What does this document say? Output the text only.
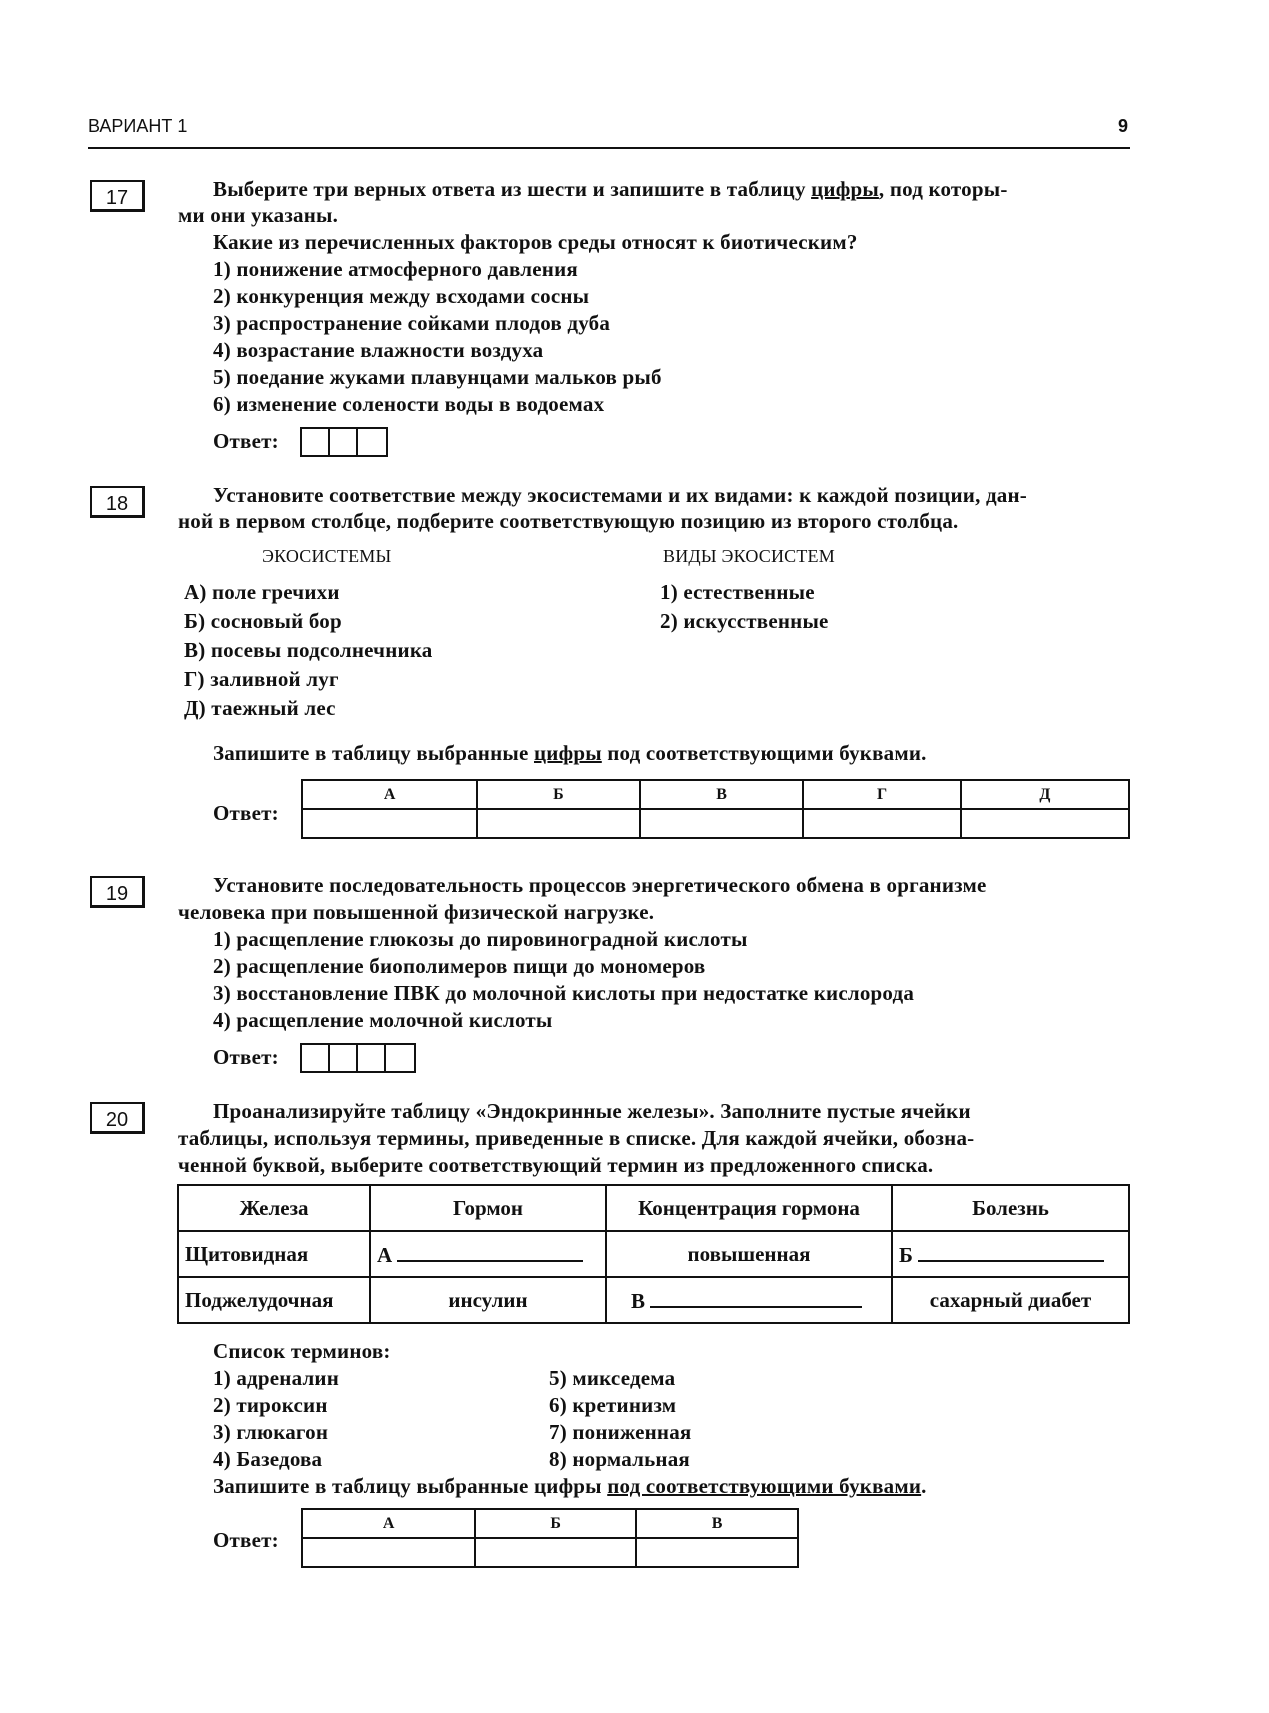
ВАРИАНТ 1	9
17	Выберите три верных ответа из шести и запишите в таблицу цифры, под которы-
ми они указаны.
Какие из перечисленных факторов среды относят к биотическим?
1) понижение атмосферного давления
2) конкуренция между всходами сосны
3) распространение сойками плодов дуба
4) возрастание влажности воздуха
5) поедание жуками плавунцами мальков рыб
6) изменение солености воды в водоемах
Ответ:
18	Установите соответствие между экосистемами и их видами: к каждой позиции, дан-
ной в первом столбце, подберите соответствующую позицию из второго столбца.
ЭКОСИСТЕМЫ	ВИДЫ ЭКОСИСТЕМ
А) поле гречихи
Б) сосновый бор
В) посевы подсолнечника
Г) заливной луг
Д) таежный лес
1) естественные
2) искусственные
Запишите в таблицу выбранные цифры под соответствующими буквами.
Ответ:
А	Б	В	Г	Д

19	Установите последовательность процессов энергетического обмена в организме
человека при повышенной физической нагрузке.
1) расщепление глюкозы до пировиноградной кислоты
2) расщепление биополимеров пищи до мономеров
3) восстановление ПВК до молочной кислоты при недостатке кислорода
4) расщепление молочной кислоты
Ответ:
20	Проанализируйте таблицу «Эндокринные железы». Заполните пустые ячейки
таблицы, используя термины, приведенные в списке. Для каждой ячейки, обозна-
ченной буквой, выберите соответствующий термин из предложенного списка.
Железа	Гормон	Концентрация гормона	Болезнь
Щитовидная	А	повышенная	Б
Поджелудочная	инсулин	В	сахарный диабет
Список терминов:
1) адреналин
2) тироксин
3) глюкагон
4) Базедова
5) микседема
6) кретинизм
7) пониженная
8) нормальная
Запишите в таблицу выбранные цифры под соответствующими буквами.
Ответ:
А	Б	В
